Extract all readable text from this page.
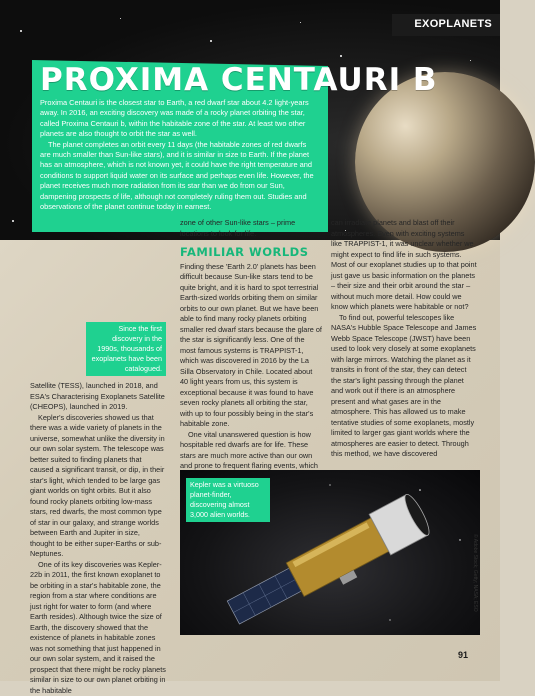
EXOPLANETS
PROXIMA CENTAURI B

Proxima Centauri is the closest star to Earth, a red dwarf star about 4.2 light-years away. In 2016, an exciting discovery was made of a rocky planet orbiting the star, called Proxima Centauri b, within the habitable zone of the star. At least two other planets are also thought to orbit the star as well.

The planet completes an orbit every 11 days (the habitable zones of red dwarfs are much smaller than Sun-like stars), and it is similar in size to Earth. If the planet has an atmosphere, which is not known yet, it could have the right temperature and conditions to support liquid water on its surface and perhaps even life. However, the planet receives much more radiation from its star than we do from our Sun, dampening prospects of life, although not completely ruling them out. Studies and observations of the planet continue today in earnest.

Since the first discovery in the 1990s, thousands of exoplanets have been catalogued.

Satellite (TESS), launched in 2018, and ESA's Characterising Exoplanets Satellite (CHEOPS), launched in 2019.

Kepler's discoveries showed us that there was a wide variety of planets in the universe, somewhat unlike the diversity in our own solar system. The telescope was better suited to finding planets that caused a significant transit, or dip, in their star's light, which tended to be large gas giant worlds on tight orbits. But it also found rocky planets orbiting low-mass stars, red dwarfs, the most common type of star in our galaxy, and strange worlds between Earth and Jupiter in size, thought to be either super-Earths or sub-Neptunes.

One of its key discoveries was Kepler-22b in 2011, the first known exoplanet to be orbiting in a star's habitable zone, the region from a star where conditions are just right for water to form (and where Earth resides). Although twice the size of Earth, the discovery showed that the existence of planets in habitable zones was not something that just happened in our own solar system, and it raised the prospect that there might be rocky planets similar in size to our own planet orbiting in the habitable

zone of other Sun-like stars – prime locations to look for life.

FAMILIAR WORLDS

Finding these 'Earth 2.0' planets has been difficult because Sun-like stars tend to be quite bright, and it is hard to spot terrestrial Earth-sized worlds orbiting them on similar orbits to our own planet. But we have been able to find many rocky planets orbiting smaller red dwarf stars because the glare of the star is significantly less. One of the most famous systems is TRAPPIST-1, which was discovered in 2016 by the La Silla Observatory in Chile. Located about 40 light years from us, this system is exceptional because it was found to have seven rocky planets all orbiting the star, with up to four possibly being in the star's habitable zone.

One vital unanswered question is how hospitable red dwarfs are for life. These stars are much more active than our own and prone to frequent flaring events, which

can irradiate planets and blast off their atmospheres. Even with exciting systems like TRAPPIST-1, it was unclear whether we might expect to find life in such systems. Most of our exoplanet studies up to that point just gave us basic information on the planets – their size and their orbit around the star – without much more detail. How could we know which planets were habitable or not?

To find out, powerful telescopes like NASA's Hubble Space Telescope and James Webb Space Telescope (JWST) have been used to look very closely at some exoplanets with large mirrors. Watching the planet as it transits in front of the star, they can detect the star's light passing through the planet and work out if there is an atmosphere present and what gases are in the atmosphere. This has allowed us to make tentative studies of some exoplanets, mostly limited to larger gas giant worlds where the atmospheres are easier to detect. Through this method, we have discovered

Kepler was a virtuoso planet-finder, discovering almost 3,000 alien worlds.
© Adobe Stock; Getty; NASA; ESO
91
